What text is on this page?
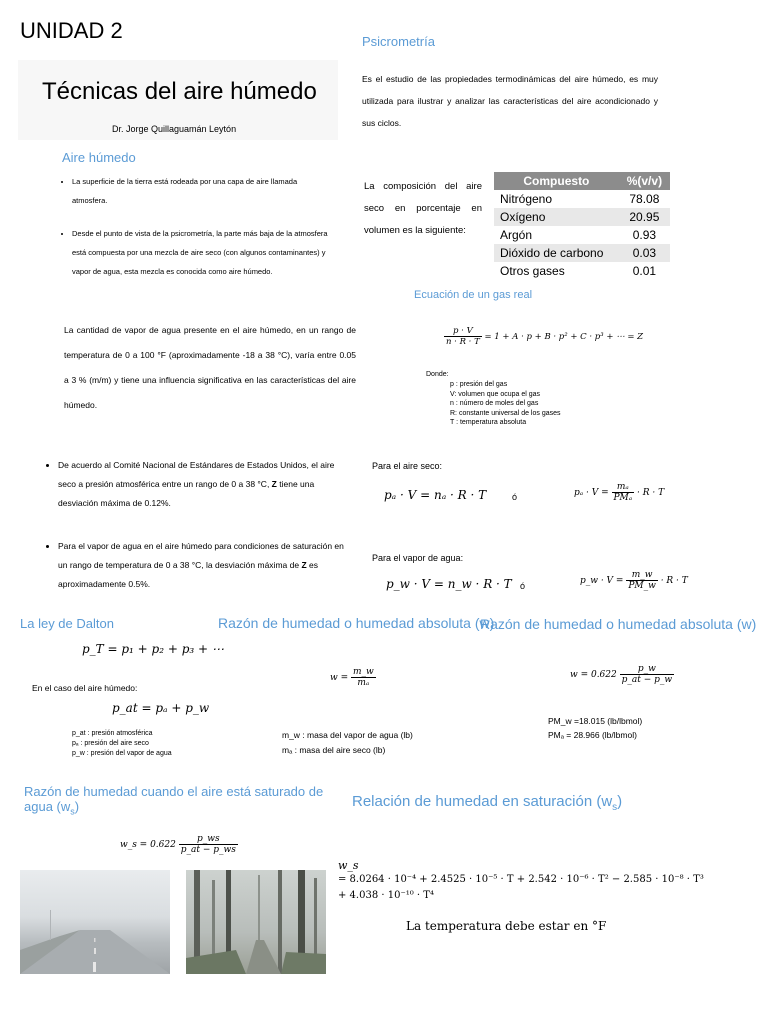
UNIDAD 2
Técnicas del aire húmedo
Dr. Jorge Quillaguamán Leytón
Aire húmedo
• La superficie de la tierra está rodeada por una capa de aire llamada atmosfera.
• Desde el punto de vista de la psicrometría, la parte más baja de la atmosfera está compuesta por una mezcla de aire seco (con algunos contaminantes) y vapor de agua, esta mezcla es conocida como aire húmedo.
La cantidad de vapor de agua presente en el aire húmedo, en un rango de temperatura de 0 a 100 °F (aproximadamente -18 a 38 °C), varía entre 0.05 a 3 % (m/m) y tiene una influencia significativa en las características del aire húmedo.
Psicrometría
Es el estudio de las propiedades termodinámicas del aire húmedo, es muy utilizada para ilustrar y analizar las características del aire acondicionado y sus ciclos.
La composición del aire seco en porcentaje en volumen es la siguiente:
Compuesto	%(v/v)
Nitrógeno	78.08
Oxígeno	20.95
Argón	0.93
Dióxido de carbono	0.03
Otros gases	0.01
Ecuación de un gas real
$\frac{p \cdot V}{n \cdot R \cdot T} = 1 + A \cdot p + B \cdot p^2 + C \cdot p^3$ + ⋯ = Z
Donde:
p : presión del gas
V: volumen que ocupa el gas
n : número de moles del gas
R: constante universal de los gases
T : temperatura absoluta
• De acuerdo al Comité Nacional de Estándares de Estados Unidos, el aire seco a presión atmosférica entre un rango de 0 a 38 °C, Z tiene una desviación máxima de 0.12%.
• Para el vapor de agua en el aire húmedo para condiciones de saturación en un rango de temperatura de 0 a 38 °C, la desviación máxima de Z es aproximadamente 0.5%.
Para el aire seco:
pₐ · V = nₐ · R · T	ó	$p_a \cdot V = \frac{\text{mₐ}}{\text{PMₐ}} \cdot R \cdot T$
Para el vapor de agua:
p_w · V = n_w · R · T ó	p_w · $V = \frac{m\_w}{PM\_w} \cdot R \cdot T$
La ley de Dalton
p_T = p₁ + p₂ + p₃ + ⋯
En el caso del aire húmedo:
p_at = pₐ + p_w
p_at : presión atmosférica
pₐ : presión del aire seco
p_w : presión del vapor de agua
Razón de humedad o humedad absoluta (w)
$w = \frac{m\_w}{\text{mₐ}}$
m_w : masa del vapor de agua (lb)
mₐ : masa del aire seco (lb)
Razón de humedad o humedad absoluta (w)
$w = 0.622 \frac{p\_w}{p\_at - p\_w}$
PM_w =18.015 (lb/lbmol)
PMₐ = 28.966 (lb/lbmol)
Razón de humedad cuando el aire está saturado de agua $(w_s)$
w_s = $0.622 \frac{p\_ws}{p\_at - p\_ws}$
Relación de humedad en saturación $(w_s)$
w_s
= 8.0264 · 10⁻⁴ + 2.4525 · 10⁻⁵ · T + 2.542 · 10⁻⁶ · T² − 2.585 · 10⁻⁸ · T³
+ 4.038 · 10⁻¹⁰ · T⁴
La temperatura debe estar en °F
